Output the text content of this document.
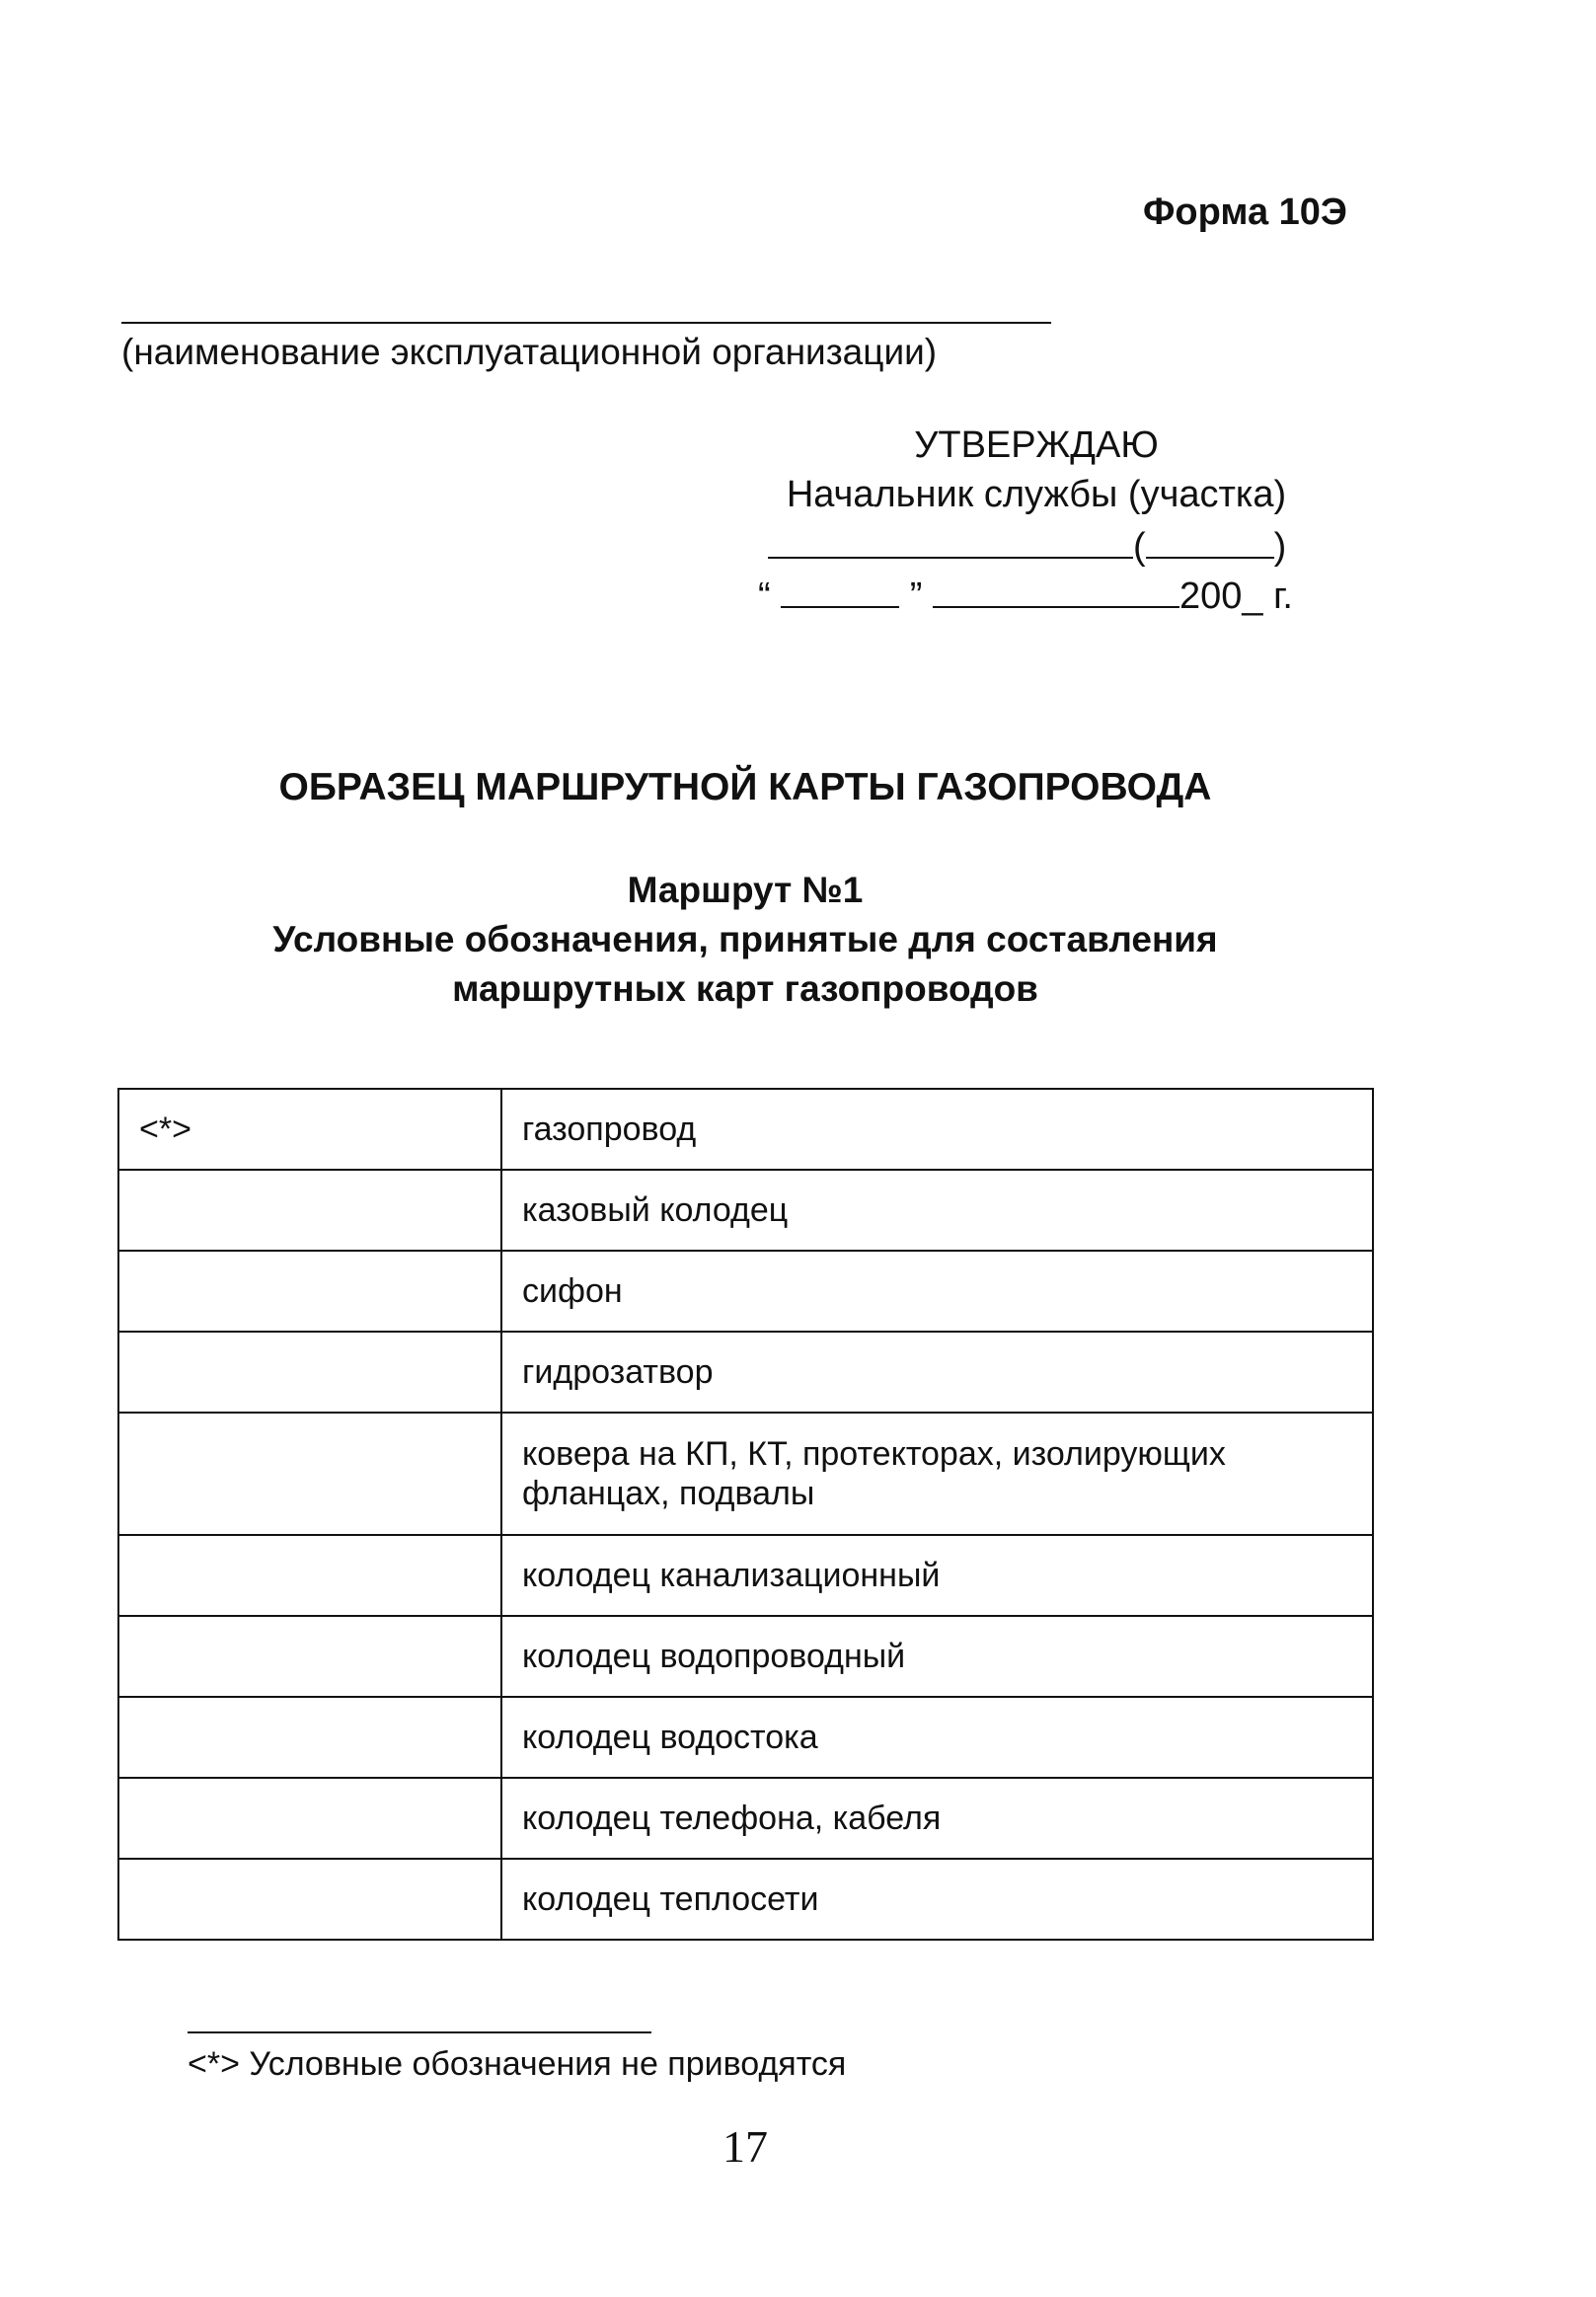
Форма 10Э
(наименование эксплуатационной организации)
УТВЕРЖДАЮ
Начальник службы (участка)
(	)
“	”	200_ г.
ОБРАЗЕЦ МАРШРУТНОЙ КАРТЫ ГАЗОПРОВОДА
Маршрут №1
Условные обозначения, принятые для составления
маршрутных карт газопроводов
<*>	газопровод
	казовый колодец
	сифон
	гидрозатвор
	ковера на КП, КТ, протекторах, изолирующих фланцах, подвалы
	колодец канализационный
	колодец водопроводный
	колодец водостока
	колодец телефона, кабеля
	колодец теплосети
<*> Условные обозначения не приводятся
17
